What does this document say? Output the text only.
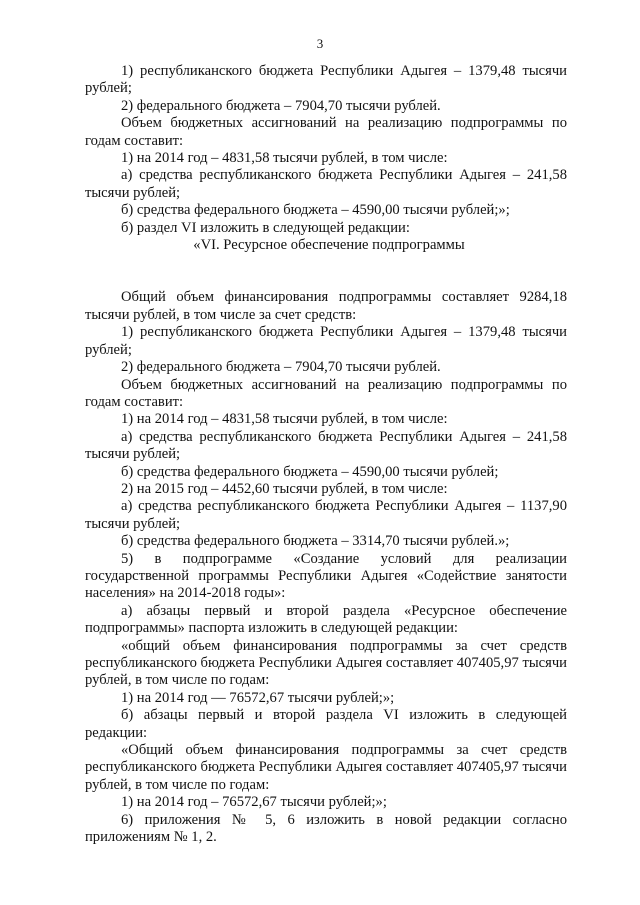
3

1) республиканского бюджета Республики Адыгея – 1379,48 тысячи рублей;

2) федерального бюджета – 7904,70 тысячи рублей.

Объем бюджетных ассигнований на реализацию подпрограммы по годам составит:

1) на 2014 год – 4831,58 тысячи рублей, в том числе:

а) средства республиканского бюджета Республики Адыгея – 241,58 тысячи рублей;

б) средства федерального бюджета – 4590,00 тысячи рублей;»;

б) раздел VI изложить в следующей редакции:

«VI. Ресурсное обеспечение подпрограммы

Общий объем финансирования подпрограммы составляет 9284,18 тысячи рублей, в том числе за счет средств:

1) республиканского бюджета Республики Адыгея – 1379,48 тысячи рублей;

2) федерального бюджета – 7904,70 тысячи рублей.

Объем бюджетных ассигнований на реализацию подпрограммы по годам составит:

1) на 2014 год – 4831,58 тысячи рублей, в том числе:

а) средства республиканского бюджета Республики Адыгея – 241,58 тысячи рублей;

б) средства федерального бюджета – 4590,00 тысячи рублей;

2) на 2015 год – 4452,60 тысячи рублей, в том числе:

а) средства республиканского бюджета Республики Адыгея – 1137,90 тысячи рублей;

б) средства федерального бюджета – 3314,70 тысячи рублей.»;

5) в подпрограмме «Создание условий для реализации государственной программы Республики Адыгея «Содействие занятости населения» на 2014-2018 годы»:

а) абзацы первый и второй раздела «Ресурсное обеспечение подпрограммы» паспорта изложить в следующей редакции:

«общий объем финансирования подпрограммы за счет средств республиканского бюджета Республики Адыгея составляет 407405,97 тысячи рублей, в том числе по годам:

1) на 2014 год — 76572,67 тысячи рублей;»;

б) абзацы первый и второй раздела VI изложить в следующей редакции:

«Общий объем финансирования подпрограммы за счет средств республиканского бюджета Республики Адыгея составляет 407405,97 тысячи рублей, в том числе по годам:

1) на 2014 год – 76572,67 тысячи рублей;»;

6) приложения № 5, 6 изложить в новой редакции согласно приложениям № 1, 2.
